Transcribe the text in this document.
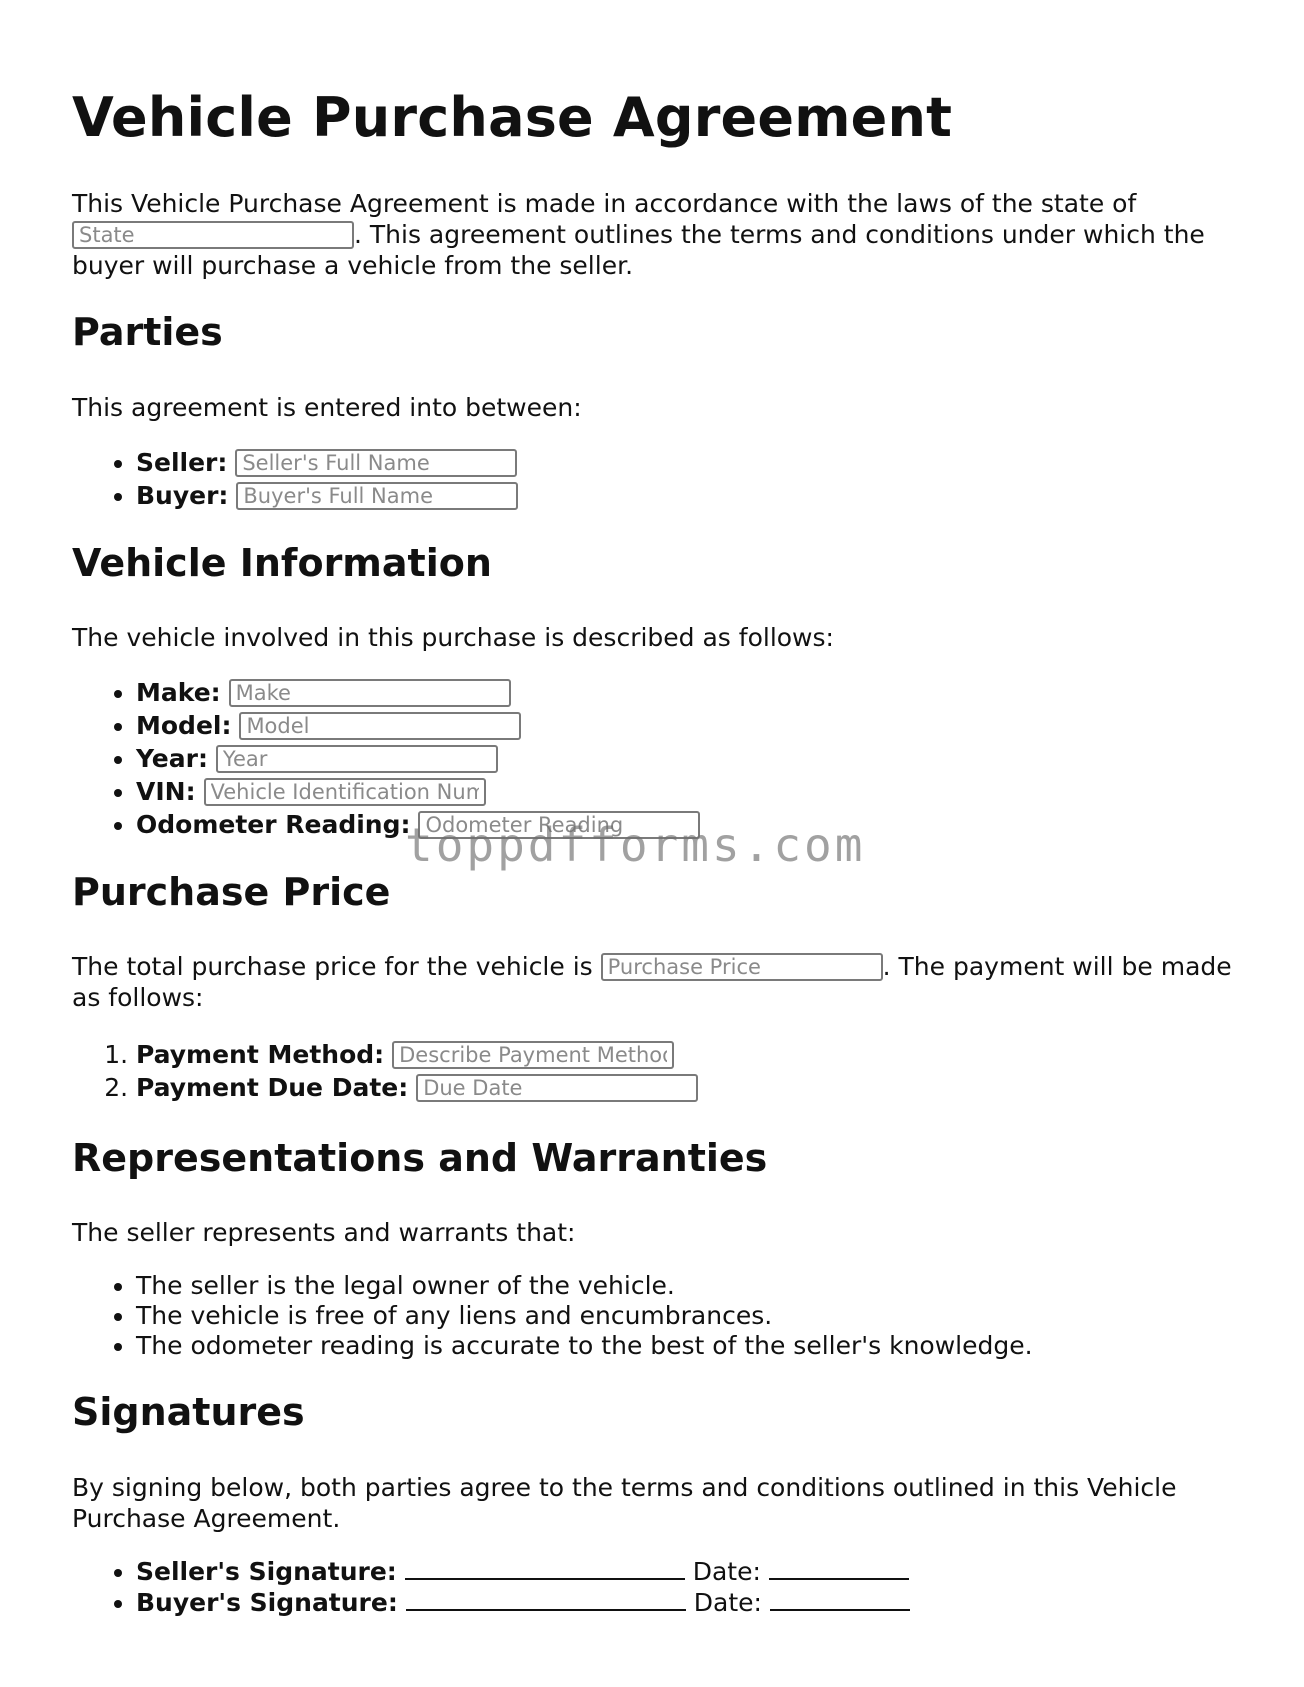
Vehicle Purchase Agreement

This Vehicle Purchase Agreement is made in accordance with the laws of the state of
State. This agreement outlines the terms and conditions under which the buyer will purchase a vehicle from the seller.

Parties

This agreement is entered into between:

• Seller: Seller's Full Name
• Buyer: Buyer's Full Name
Vehicle Information

The vehicle involved in this purchase is described as follows:

• Make: Make
• Model: Model
• Year: Year
• VIN: Vehicle Identification Number
• Odometer Reading: Odometer Reading
Purchase Price

The total purchase price for the vehicle is Purchase Price	. The payment will be made as follows:

1. Payment Method: Describe Payment Method
2. Payment Due Date: Due Date
Representations and Warranties

The seller represents and warrants that:

• The seller is the legal owner of the vehicle.
• The vehicle is free of any liens and encumbrances.
• The odometer reading is accurate to the best of the seller's knowledge.
Signatures

By signing below, both parties agree to the terms and conditions outlined in this Vehicle Purchase Agreement.

• Seller's Signature:	Date:
• Buyer's Signature:	Date:
toppdfforms.com
